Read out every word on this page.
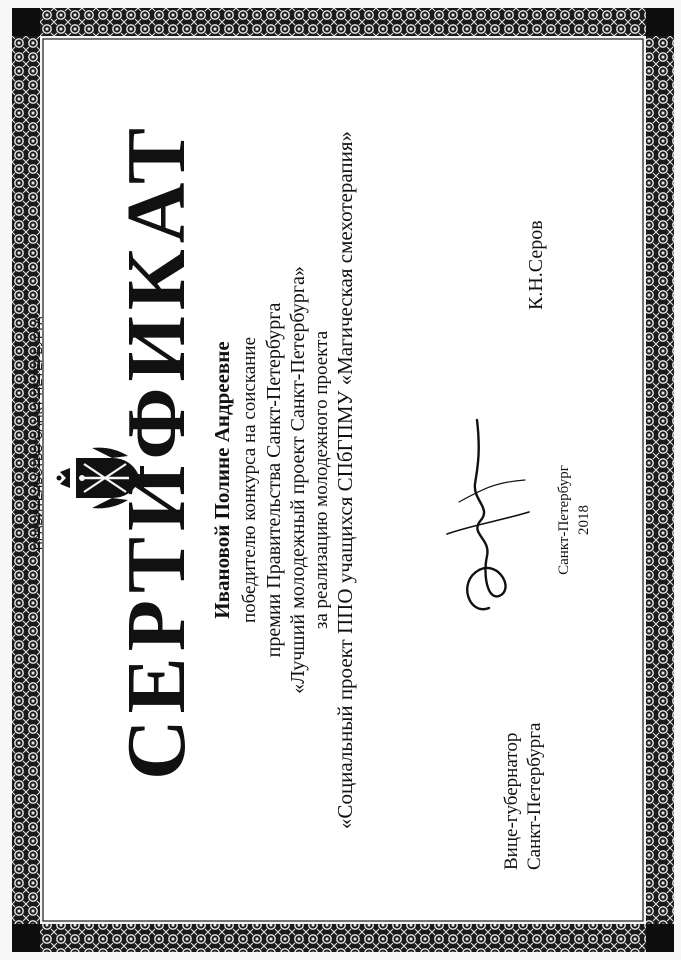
ПРАВИТЕЛЬСТВО САНКТ-ПЕТЕРБУРГА СЕРТИФИКАТ Ивановой Полине Андреевне победителю конкурса на соискание премии Правительства Санкт-Петербурга «Лучший молодежный проект Санкт-Петербурга» за реализацию молодежного проекта «Социальный проект ППО учащихся СПбГПМУ «Магическая смехотерапия»	Вице-губернатор Санкт-Петербурга
Санкт-Петербург 2018
К.Н.Серов
